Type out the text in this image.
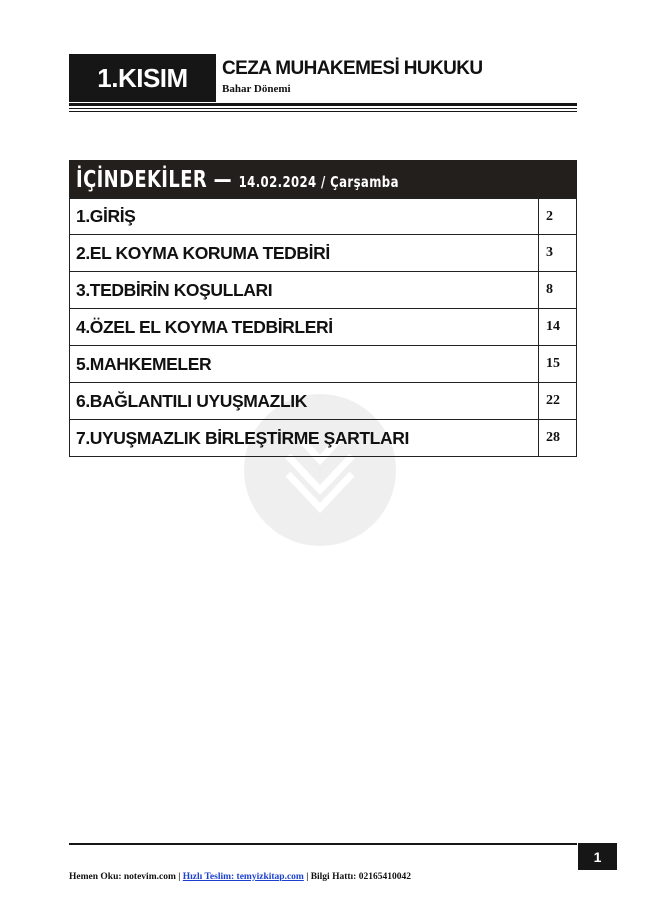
1.KISIM CEZA MUHAKEMESİ HUKUKU
Bahar Dönemi
İÇİNDEKİLER — 14.02.2024 / Çarşamba
1.GİRİŞ	2
2.EL KOYMA KORUMA TEDBİRİ	3
3.TEDBİRİN KOŞULLARI	8
4.ÖZEL EL KOYMA TEDBİRLERİ	14
5.MAHKEMELER	15
6.BAĞLANTILI UYUŞMAZLIK	22
7.UYUŞMAZLIK BİRLEŞTİRME ŞARTLARI	28
1
Hemen Oku: notevim.com | Hızlı Teslim: temyizkitap.com | Bilgi Hattı: 02165410042
